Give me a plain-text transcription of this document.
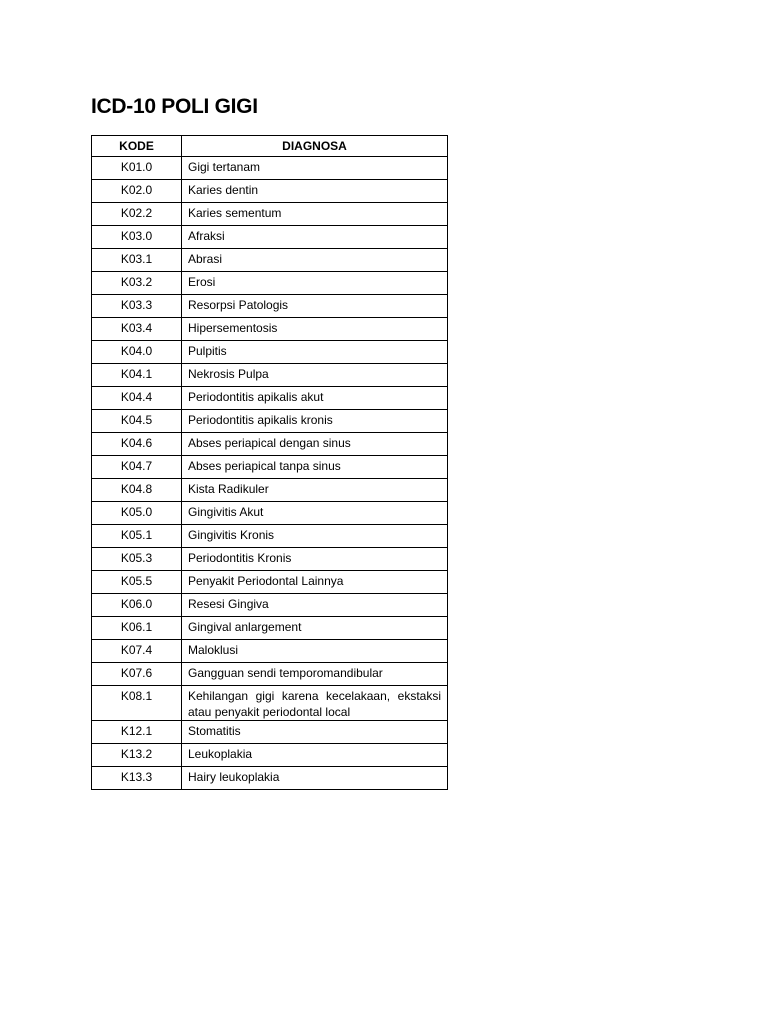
ICD-10 POLI GIGI
KODE	DIAGNOSA
K01.0	Gigi tertanam
K02.0	Karies dentin
K02.2	Karies sementum
K03.0	Afraksi
K03.1	Abrasi
K03.2	Erosi
K03.3	Resorpsi Patologis
K03.4	Hipersementosis
K04.0	Pulpitis
K04.1	Nekrosis Pulpa
K04.4	Periodontitis apikalis akut
K04.5	Periodontitis apikalis kronis
K04.6	Abses periapical dengan sinus
K04.7	Abses periapical tanpa sinus
K04.8	Kista Radikuler
K05.0	Gingivitis Akut
K05.1	Gingivitis Kronis
K05.3	Periodontitis Kronis
K05.5	Penyakit Periodontal Lainnya
K06.0	Resesi Gingiva
K06.1	Gingival anlargement
K07.4	Maloklusi
K07.6	Gangguan sendi temporomandibular
K08.1	Kehilangan gigi karena kecelakaan, ekstaksi atau penyakit periodontal local
K12.1	Stomatitis
K13.2	Leukoplakia
K13.3	Hairy leukoplakia
